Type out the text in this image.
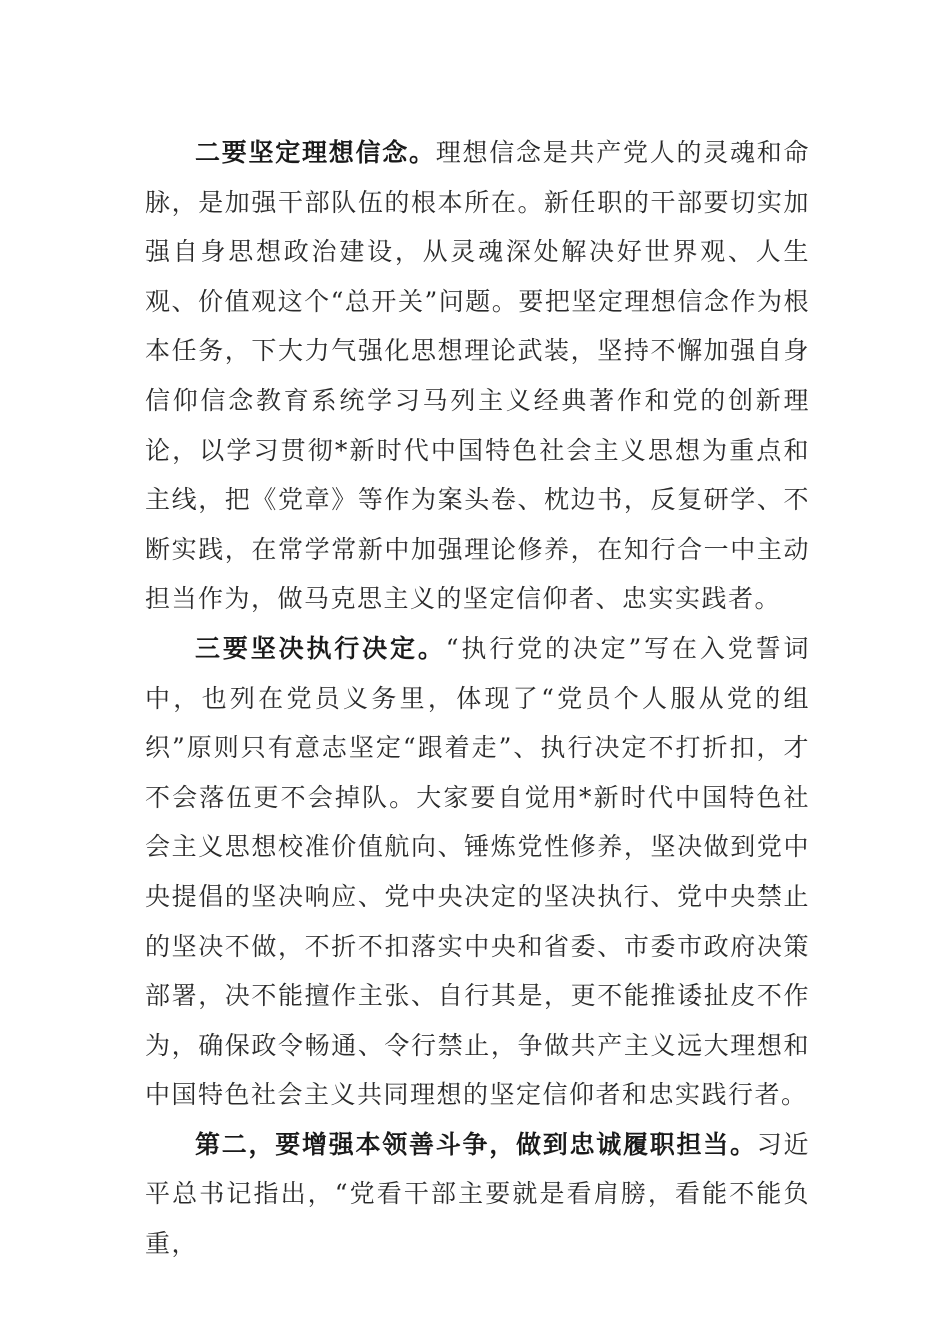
二要坚定理想信念。理想信念是共产党人的灵魂和命脉，是加强干部队伍的根本所在。新任职的干部要切实加强自身思想政治建设，从灵魂深处解决好世界观、人生观、价值观这个“总开关”问题。要把坚定理想信念作为根本任务，下大力气强化思想理论武装，坚持不懈加强自身信仰信念教育系统学习马列主义经典著作和党的创新理论，以学习贯彻*新时代中国特色社会主义思想为重点和主线，把《党章》等作为案头卷、枕边书，反复研学、不断实践，在常学常新中加强理论修养，在知行合一中主动担当作为，做马克思主义的坚定信仰者、忠实实践者。

三要坚决执行决定。“执行党的决定”写在入党誓词中，也列在党员义务里，体现了“党员个人服从党的组织”原则只有意志坚定“跟着走”、执行决定不打折扣，才不会落伍更不会掉队。大家要自觉用*新时代中国特色社会主义思想校准价值航向、锤炼党性修养，坚决做到党中央提倡的坚决响应、党中央决定的坚决执行、党中央禁止的坚决不做，不折不扣落实中央和省委、市委市政府决策部署，决不能擅作主张、自行其是，更不能推诿扯皮不作为，确保政令畅通、令行禁止，争做共产主义远大理想和中国特色社会主义共同理想的坚定信仰者和忠实践行者。

第二，要增强本领善斗争，做到忠诚履职担当。习近平总书记指出，“党看干部主要就是看肩膀，看能不能负重，
